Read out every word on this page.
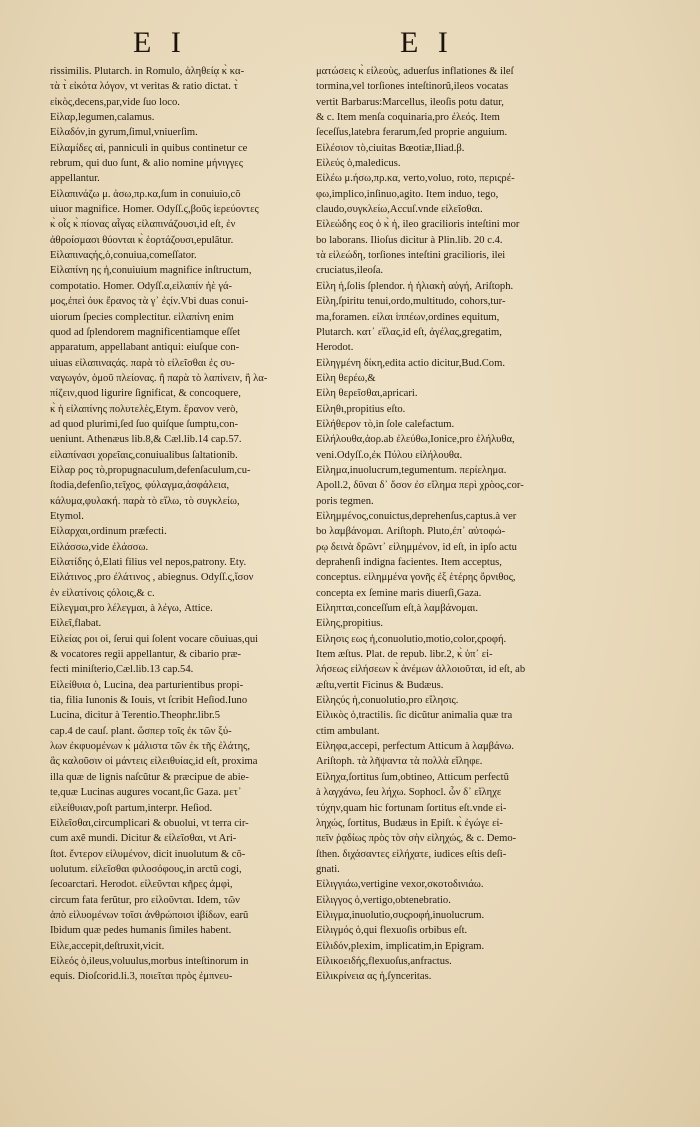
E I	E I
rissimilis. Plutarch. in Romulo, ἀληθείᾳ κ̀ κα-
τὰ τ̀ εἰκότα λόγον, vt veritas & ratio dictat. τ̀
εἰκὸς,decens,par,vide ſuo loco.
Εἰλαρ,legumen,calamus.
Εἰλαδόν,in gyrum,ſimul,vniuerſim.
Εἰλαμίδες αἱ, panniculi in quibus continetur ce
rebrum, qui duo ſunt, & alio nomine μήνιγγες
appellantur.
Εἰλαπινάζω μ. ἀσω,πρ.κα,ſum in conuiuio,cõ
uiuor magnifice. Homer. Odyſſ.ϛ,βοῦς ἱερεύοντες
κ̀ οἷς κ̀ πίονας αἶγας εἰλαπινάζουσι,id eſt, ἐν
ἀθροίσμασι θύονται κ̀ ἑορτάζουσι,epulãtur.
Εἰλαπιναςής,ὁ,conuiua,comeſſator.
Εἰλαπίνη ης ἡ,conuiuium magnifice inſtructum,
compotatio. Homer. Odyſſ.α,εἰλαπίν ἠὲ γά-
μος,ἐπεὶ ὀυκ ἔρανος τὰ γ᾽ ἐςίν.Vbi duas conui-
uiorum ſpecies complectitur. εἰλαπίνη enim
quod ad ſplendorem magnificentiamque eſſet
apparatum, appellabant antiqui: eiuſque con-
uiuas εἰλαπιναςάς. παρὰ τὸ εἰλεῖσθαι ἐς συ-
ναγωγόν, ὁμοῦ πλείονας. ἢ παρὰ τὸ λαπίνειν, ἢ λα-
πίζειν,quod ligurire ſignificat, & concoquere,
κ̀ ἡ εἰλαπίνης πολυτελὲς,Etym. ἔρανον verò,
ad quod plurimi,ſed ſuo quiſque ſumptu,con-
ueniunt. Athenæus lib.8,& Cæl.lib.14 cap.57.
εἰλαπίνασι χορεῖαις,conuiualibus ſaltationib.
Εἰλαρ ρος τὸ,propugnaculum,defenſaculum,cu-
ſtodia,defenſio,τεῖχος, φύλαγμα,ἀσφάλεια,
κάλυμα,φυλακή. παρὰ τὸ εἴλω, τὸ συγκλείω,
Etymol.
Εἰλαρχαι,ordinum præfecti.
Εἰλάσσω,vide ἐλάσσω.
Εἰλατίδης ὁ,Elati filius vel nepos,patrony. Ety.
Εἰλάτινος ,pro ἐλάτινος , abiegnus. Odyſſ.ϛ,ἴσον
ἐν εἰλατίνοις ςόλοις,& c.
Εἰλεγμαι,pro λέλεγμαι, à λέγω, Attice.
Εἰλεῖ,flabat.
Εἰλείας ροι οἱ, ſerui qui ſolent vocare cõuiuas,qui
& vocatores regii appellantur, & cibario præ-
fecti miniſterio,Cæl.lib.13 cap.54.
Εἰλείθυια ὁ, Lucina, dea parturientibus propi-
tia, filia Iunonis & Iouis, vt ſcribit Heſiod.Iuno
Lucina, dicitur à Terentio.Theophr.libr.5
cap.4 de cauſ. plant. ὥσπερ τοῖς ἐκ τῶν ξύ-
λων ἐκφυομένων κ̀ μάλιστα τῶν ἐκ τῆς ἐλάτης,
ἃς καλοῦσιν οἱ μάντεις εἰλειθυίας,id eſt, proxima
illa quæ de lignis naſcũtur & præcipue de abie-
te,quæ Lucinas augures vocant,ſic Gaza. μετ᾽
εἰλείθυιαν,poſt partum,interpr. Heſiod.
Εἰλεῖσθαι,circumplicari & obuolui, vt terra cir-
cum axẽ mundi. Dicitur & εἰλεῖσθαι, vt Ari-
ſtot. ἔντερον εἰλυμένον, dicit inuolutum & cõ-
uolutum. εἰλεῖσθαι φιλοσόφους,in arctũ cogi,
ſecoarctari. Herodot. εἰλεῦνται κῆρες ἀμφὶ,
circum fata ferũtur, pro εἰλοῦνται. Idem, τῶν
ἀπὸ εἰλυομένων τοῖσι ἀνθρώποισι ἰβίδων, earũ
Ibidum quæ pedes humanis ſimiles habent.
Εἰλε,accepit,deſtruxit,vicit.
Εἰλεός ὁ,ileus,voluulus,morbus inteſtinorum in
equis. Dioſcorid.li.3, ποιεῖται πρὸς ἐμπνευ-
ματώσεις κ̀ εἰλεοὺς, aduerſus inflationes & ileſ
tormina,vel torſiones inteſtinorũ,ileos vocatas
vertit Barbarus:Marcellus, ileoſis potu datur,
& c. Item menſa coquinaria,pro ἐλεός. Item
ſeceſſus,latebra ferarum,ſed proprie anguium.
Εἰλέσιον τὸ,ciuitas Bœotiæ,Iliad.β.
Εἰλεύς ὁ,maledicus.
Εἰλέω μ.ήσω,πρ.κα, verto,voluo, roto, περιςρέ-
φω,implico,inſinuo,agito. Item induo, tego,
claudo,συγκλείω,Accuſ.vnde εἰλεῖσθαι.
Εἰλεώδης εος ὁ κ̀ ἡ, ileo gracilioris inteſtini mor
bo laborans. Ilioſus dicitur à Plin.lib. 20 c.4.
τὰ εἰλεώδη, torſiones inteſtini gracilioris, ilei
cruciatus,ileoſa.
Εἰλη ἡ,ſolis ſplendor. ἡ ἡλιακὴ αὐγή, Ariſtoph.
Εἰλη,ſpiritu tenui,ordo,multitudo, cohors,tur-
ma,foramen. εἰλαι ἱππέων,ordines equitum,
Plutarch. κατ᾽ εἴλας,id eſt, ἀγέλας,gregatim,
Herodot.
Εἰληγμένη δίκη,edita actio dicitur,Bud.Com.
Εἰλη θερέω,&
Εἰλη θερεῖσθαι,apricari.
Εἰληθι,propitius eſto.
Εἰλήθερον τὸ,in ſole calefactum.
Εἰλήλουθα,ἀορ.ab ἐλεύθω,Ionice,pro ἐλήλυθα,
veni.Odyſſ.ο,ἐκ Πύλου εἰλήλουθα.
Εἰλημα,inuolucrum,tegumentum. περίελημα.
Apoll.2, δῦναι δ᾽ ὅσον ἐσ εἴλημα περὶ χρὸος,cor-
poris tegmen.
Εἰλημμένος,conuictus,deprehenſus,captus.à ver
bo λαμβάνομαι. Ariſtoph. Pluto,ἐπ᾽ αὐτοφώ-
ρῳ δεινὰ δρῶντ᾽ εἰλημμένον, id eſt, in ipſo actu
deprahenſi indigna facientes. Item acceptus,
conceptus. εἰλημμένα γονῆς ἐξ ἑτέρης ὄρνιθος,
concepta ex ſemine maris diuerſi,Gaza.
Εἰληπται,conceſſum eſt,à λαμβάνομαι.
Εἰλης,propitius.
Εἰλησις εως ἡ,conuolutio,motio,color,ςροφή.
Item æſtus. Plat. de repub. libr.2, κ̀ ὑπ᾽ εἰ-
λήσεως εἰλήσεων κ̀ ἀνέμων ἀλλοιοῦται, id eſt, ab
æſtu,vertit Ficinus & Budæus.
Εἰληςύς ἡ,conuolutio,pro εἴλησις.
Εἰλικὸς ὁ,tractilis. ſic dicũtur animalia quæ tra
ctim ambulant.
Εἰληφα,accepi, perfectum Atticum à λαμβάνω.
Ariſtoph. τὰ λῆψαντα τὰ πολλὰ εἴληφε.
Εἰληχα,ſortitus ſum,obtineo, Atticum perfectũ
à λαγχάνω, ſeu λήχω. Sophocl. ὧν δ᾽ εἴληχε
τύχην,quam hic fortunam ſortitus eſt.vnde εἰ-
ληχώς, ſortitus, Budæus in Epiſt. κ̀ ἐγώγε εἰ-
πεῖν ῥᾳδίως πρὸς τὸν σὴν εἰληχώς, & c. Demo-
ſthen. διχάσαντες εἰλήχατε, iudices eſtis deſi-
gnati.
Εἰλιγγιάω,vertigine vexor,σκοτοδινιάω.
Εἰλιγγος ὁ,vertigo,obtenebratio.
Εἰλιγμα,inuolutio,συςροφή,inuolucrum.
Εἰλιγμός ὁ,qui flexuoſis orbibus eſt.
Εἰλιδόν,plexim, implicatim,in Epigram.
Εἰλικοειδής,flexuoſus,anfractus.
Εἰλικρίνεια ας ἡ,ſynceritas.
